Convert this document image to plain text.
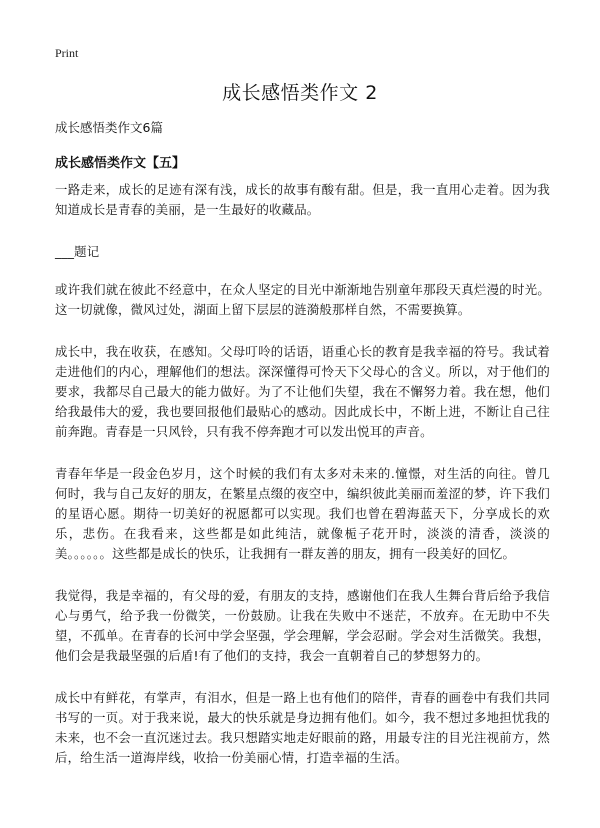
Print
成长感悟类作文 2
成长感悟类作文6篇
成长感悟类作文【五】

一路走来，成长的足迹有深有浅，成长的故事有酸有甜。但是，我一直用心走着。因为我知道成长是青春的美丽，是一生最好的收藏品。

___题记

或许我们就在彼此不经意中，在众人坚定的目光中渐渐地告别童年那段天真烂漫的时光。这一切就像，微风过处，湖面上留下层层的涟漪般那样自然，不需要换算。

成长中，我在收获，在感知。父母叮呤的话语，语重心长的教育是我幸福的符号。我试着走进他们的内心，理解他们的想法。深深懂得可怜天下父母心的含义。所以，对于他们的要求，我都尽自己最大的能力做好。为了不让他们失望，我在不懈努力着。我在想，他们给我最伟大的爱，我也要回报他们最贴心的感动。因此成长中，不断上进，不断让自己往前奔跑。青春是一只风铃，只有我不停奔跑才可以发出悦耳的声音。

青春年华是一段金色岁月，这个时候的我们有太多对未来的.憧憬，对生活的向往。曾几何时，我与自己友好的朋友，在繁星点缀的夜空中，编织彼此美丽而羞涩的梦，许下我们的星语心愿。期待一切美好的祝愿都可以实现。我们也曾在碧海蓝天下，分享成长的欢乐，悲伤。在我看来，这些都是如此纯洁，就像栀子花开时，淡淡的清香，淡淡的美。。。。。。这些都是成长的快乐，让我拥有一群友善的朋友，拥有一段美好的回忆。

我觉得，我是幸福的，有父母的爱，有朋友的支持，感谢他们在我人生舞台背后给予我信心与勇气，给予我一份微笑，一份鼓励。让我在失败中不迷茫，不放弃。在无助中不失望，不孤单。在青春的长河中学会坚强，学会理解，学会忍耐。学会对生活微笑。我想，他们会是我最坚强的后盾!有了他们的支持，我会一直朝着自己的梦想努力的。

成长中有鲜花，有掌声，有泪水，但是一路上也有他们的陪伴，青春的画卷中有我们共同书写的一页。对于我来说，最大的快乐就是身边拥有他们。如今，我不想过多地担忧我的未来，也不会一直沉迷过去。我只想踏实地走好眼前的路，用最专注的目光注视前方，然后，给生活一道海岸线，收拾一份美丽心情，打造幸福的生活。
